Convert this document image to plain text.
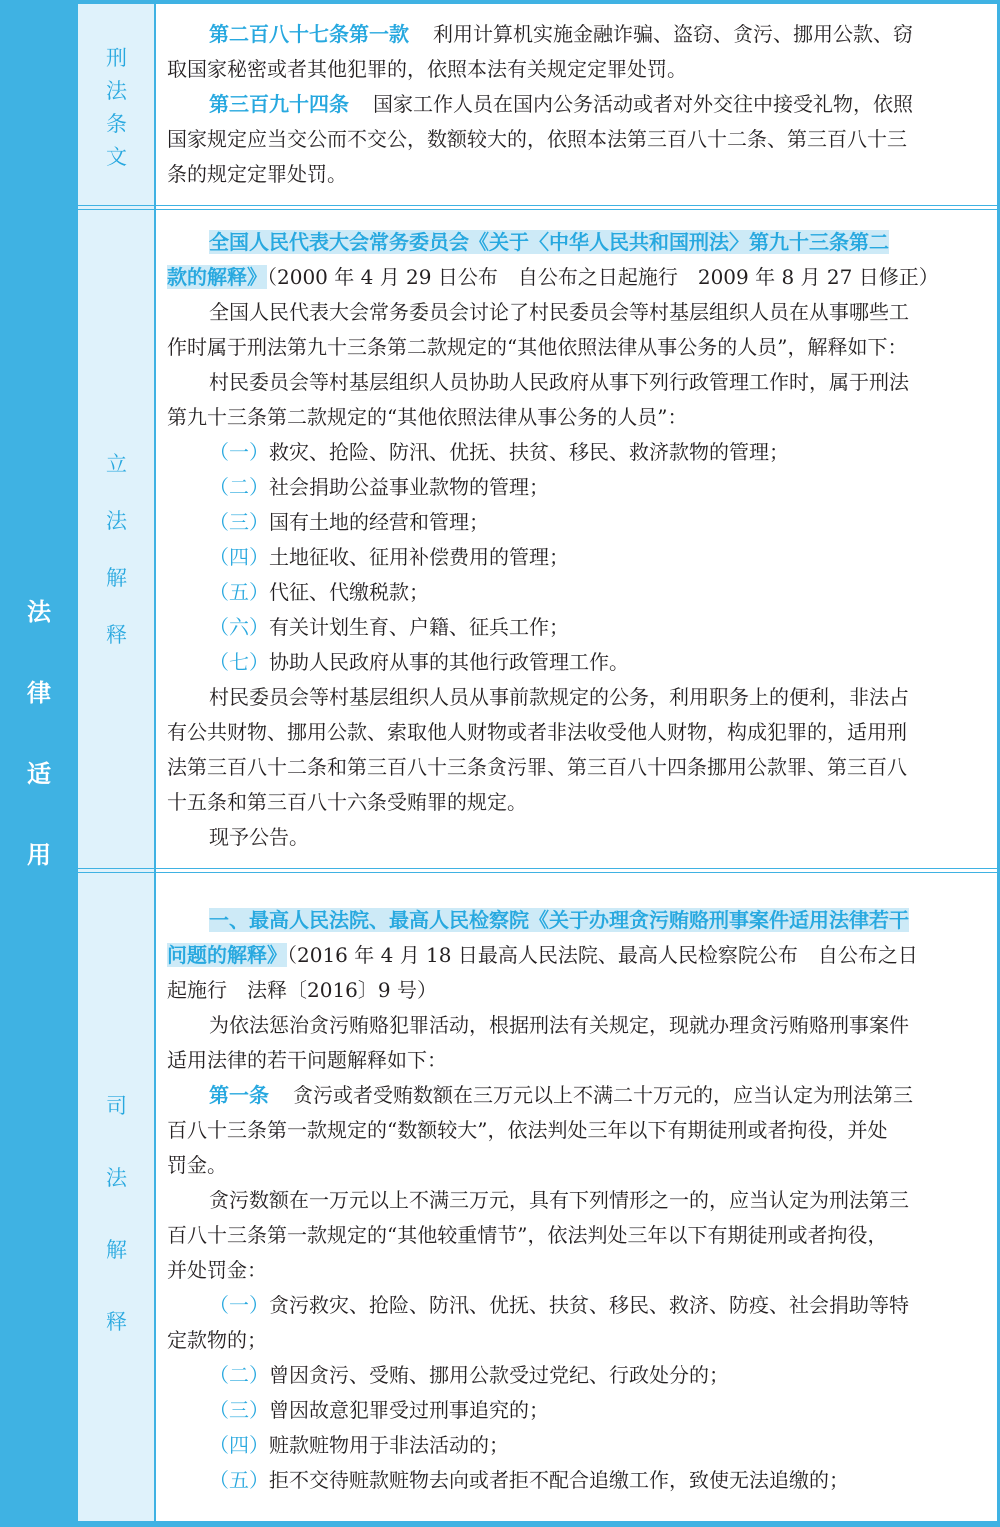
法
律
适
用
刑
法
条
文
第二百八十七条第一款 利用计算机实施金融诈骗、盗窃、贪污、挪用公款、窃
取国家秘密或者其他犯罪的，依照本法有关规定定罪处罚。
第三百九十四条 国家工作人员在国内公务活动或者对外交往中接受礼物，依照
国家规定应当交公而不交公，数额较大的，依照本法第三百八十二条、第三百八十三
条的规定定罪处罚。
立
法
解
释
全国人民代表大会常务委员会《关于〈中华人民共和国刑法〉第九十三条第二
款的解释》（2000 年 4 月 29 日公布　自公布之日起施行　2009 年 8 月 27 日修正）
全国人民代表大会常务委员会讨论了村民委员会等村基层组织人员在从事哪些工
作时属于刑法第九十三条第二款规定的“其他依照法律从事公务的人员”，解释如下：
村民委员会等村基层组织人员协助人民政府从事下列行政管理工作时，属于刑法
第九十三条第二款规定的“其他依照法律从事公务的人员”：
（一）救灾、抢险、防汛、优抚、扶贫、移民、救济款物的管理；
（二）社会捐助公益事业款物的管理；
（三）国有土地的经营和管理；
（四）土地征收、征用补偿费用的管理；
（五）代征、代缴税款；
（六）有关计划生育、户籍、征兵工作；
（七）协助人民政府从事的其他行政管理工作。
村民委员会等村基层组织人员从事前款规定的公务，利用职务上的便利，非法占
有公共财物、挪用公款、索取他人财物或者非法收受他人财物，构成犯罪的，适用刑
法第三百八十二条和第三百八十三条贪污罪、第三百八十四条挪用公款罪、第三百八
十五条和第三百八十六条受贿罪的规定。
现予公告。
司
法
解
释
一、最高人民法院、最高人民检察院《关于办理贪污贿赂刑事案件适用法律若干
问题的解释》（2016 年 4 月 18 日最高人民法院、最高人民检察院公布　自公布之日
起施行　法释〔2016〕9 号）
为依法惩治贪污贿赂犯罪活动，根据刑法有关规定，现就办理贪污贿赂刑事案件
适用法律的若干问题解释如下：
第一条 贪污或者受贿数额在三万元以上不满二十万元的，应当认定为刑法第三
百八十三条第一款规定的“数额较大”，依法判处三年以下有期徒刑或者拘役，并处
罚金。
贪污数额在一万元以上不满三万元，具有下列情形之一的，应当认定为刑法第三
百八十三条第一款规定的“其他较重情节”，依法判处三年以下有期徒刑或者拘役，
并处罚金：
（一）贪污救灾、抢险、防汛、优抚、扶贫、移民、救济、防疫、社会捐助等特
定款物的；
（二）曾因贪污、受贿、挪用公款受过党纪、行政处分的；
（三）曾因故意犯罪受过刑事追究的；
（四）赃款赃物用于非法活动的；
（五）拒不交待赃款赃物去向或者拒不配合追缴工作，致使无法追缴的；
